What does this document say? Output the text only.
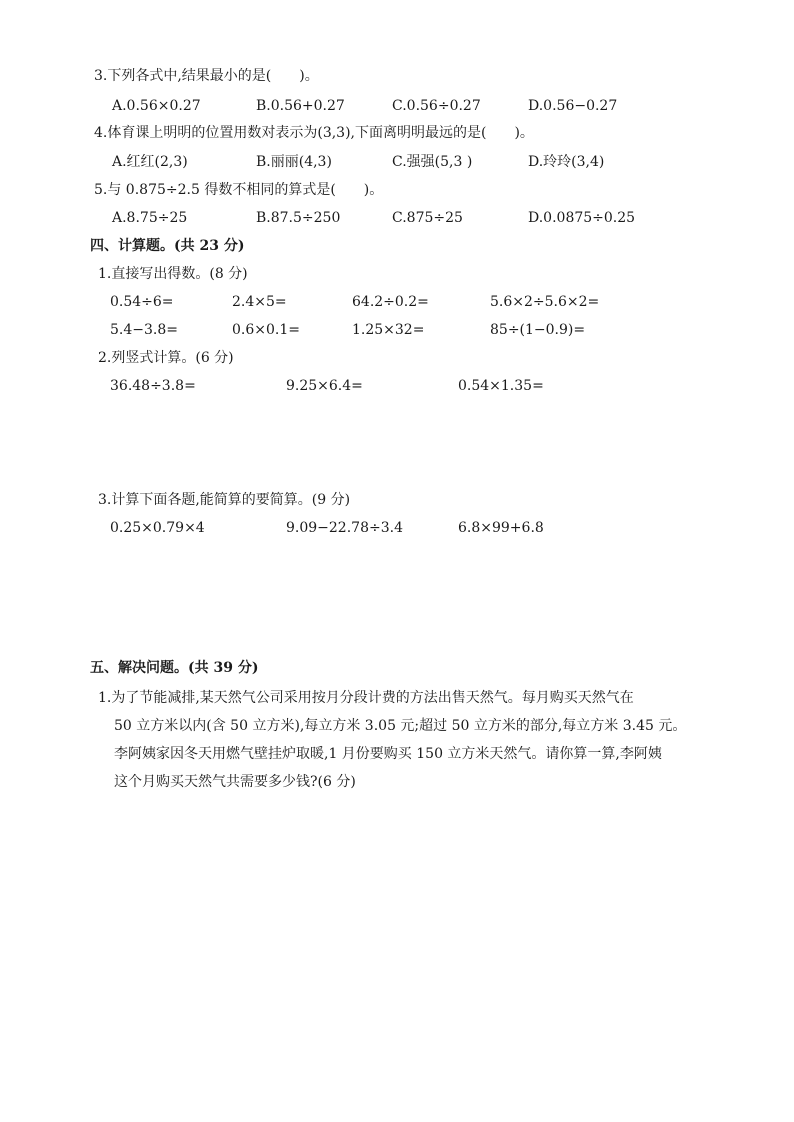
3.下列各式中,结果最小的是(　　)。
A.0.56×0.27	B.0.56+0.27	C.0.56÷0.27	D.0.56−0.27
4.体育课上明明的位置用数对表示为(3,3),下面离明明最远的是(　　)。
A.红红(2,3)	B.丽丽(4,3)	C.强强(5,3 )	D.玲玲(3,4)
5.与 0.875÷2.5 得数不相同的算式是(　　)。
A.8.75÷25	B.87.5÷250	C.875÷25	D.0.0875÷0.25
四、计算题。(共 23 分)
1.直接写出得数。(8 分)
0.54÷6=	2.4×5=	64.2÷0.2=	5.6×2÷5.6×2=
5.4−3.8=	0.6×0.1=	1.25×32=	85÷(1−0.9)=
2.列竖式计算。(6 分)
36.48÷3.8=	9.25×6.4=	0.54×1.35=
3.计算下面各题,能简算的要简算。(9 分)
0.25×0.79×4	9.09−22.78÷3.4	6.8×99+6.8
五、解决问题。(共 39 分)
1.为了节能减排,某天然气公司采用按月分段计费的方法出售天然气。每月购买天然气在
50 立方米以内(含 50 立方米),每立方米 3.05 元;超过 50 立方米的部分,每立方米 3.45 元。
李阿姨家因冬天用燃气壁挂炉取暖,1 月份要购买 150 立方米天然气。请你算一算,李阿姨
这个月购买天然气共需要多少钱?(6 分)
